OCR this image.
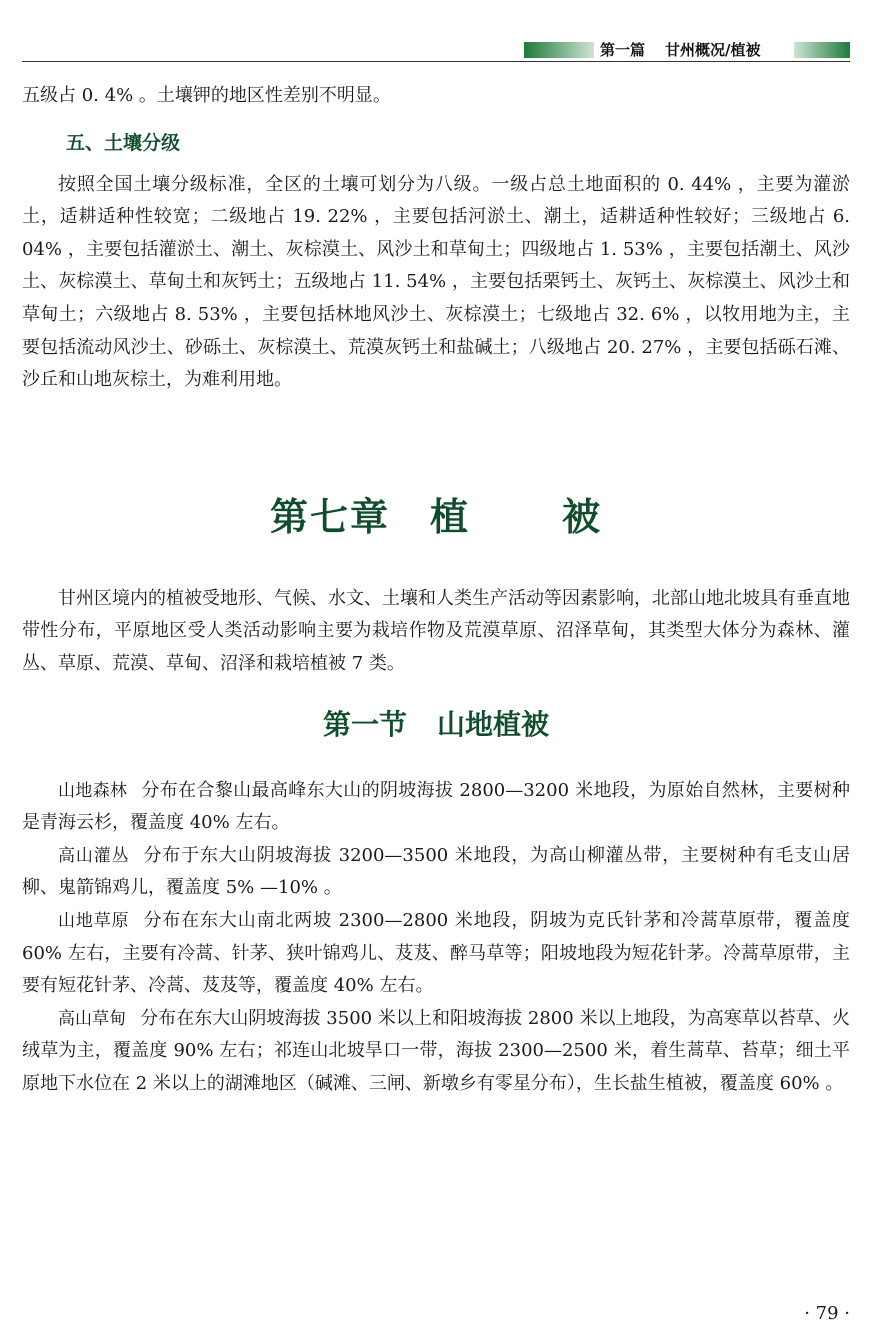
第一篇 甘州概况/植被

五级占 0. 4% 。土壤钾的地区性差别不明显。

五、土壤分级

按照全国土壤分级标准，全区的土壤可划分为八级。一级占总土地面积的 0. 44% ，主要为灌淤土，适耕适种性较宽；二级地占 19. 22% ，主要包括河淤土、潮土，适耕适种性较好；三级地占 6. 04% ，主要包括灌淤土、潮土、灰棕漠土、风沙土和草甸土；四级地占 1. 53% ，主要包括潮土、风沙土、灰棕漠土、草甸土和灰钙土；五级地占 11. 54% ，主要包括栗钙土、灰钙土、灰棕漠土、风沙土和草甸土；六级地占 8. 53% ，主要包括林地风沙土、灰棕漠土；七级地占 32. 6% ，以牧用地为主，主要包括流动风沙土、砂砾土、灰棕漠土、荒漠灰钙土和盐碱土；八级地占 20. 27% ，主要包括砾石滩、沙丘和山地灰棕土，为难利用地。

第七章 植 被

甘州区境内的植被受地形、气候、水文、土壤和人类生产活动等因素影响，北部山地北坡具有垂直地带性分布，平原地区受人类活动影响主要为栽培作物及荒漠草原、沼泽草甸，其类型大体分为森林、灌丛、草原、荒漠、草甸、沼泽和栽培植被 7 类。

第一节 山地植被

山地森林 分布在合黎山最高峰东大山的阴坡海拔 2800—3200 米地段，为原始自然林，主要树种是青海云杉，覆盖度 40% 左右。

高山灌丛 分布于东大山阴坡海拔 3200—3500 米地段，为高山柳灌丛带，主要树种有毛支山居柳、鬼箭锦鸡儿，覆盖度 5% —10% 。

山地草原 分布在东大山南北两坡 2300—2800 米地段，阴坡为克氏针茅和冷蒿草原带，覆盖度 60% 左右，主要有冷蒿、针茅、狭叶锦鸡儿、芨芨、醉马草等；阳坡地段为短花针茅。冷蒿草原带，主要有短花针茅、冷蒿、芨芨等，覆盖度 40% 左右。

高山草甸 分布在东大山阴坡海拔 3500 米以上和阳坡海拔 2800 米以上地段，为高寒草以苔草、火绒草为主，覆盖度 90% 左右；祁连山北坡旱口一带，海拔 2300—2500 米，着生蒿草、苔草；细土平原地下水位在 2 米以上的湖滩地区（碱滩、三闸、新墩乡有零星分布），生长盐生植被，覆盖度 60% 。

· 79 ·
